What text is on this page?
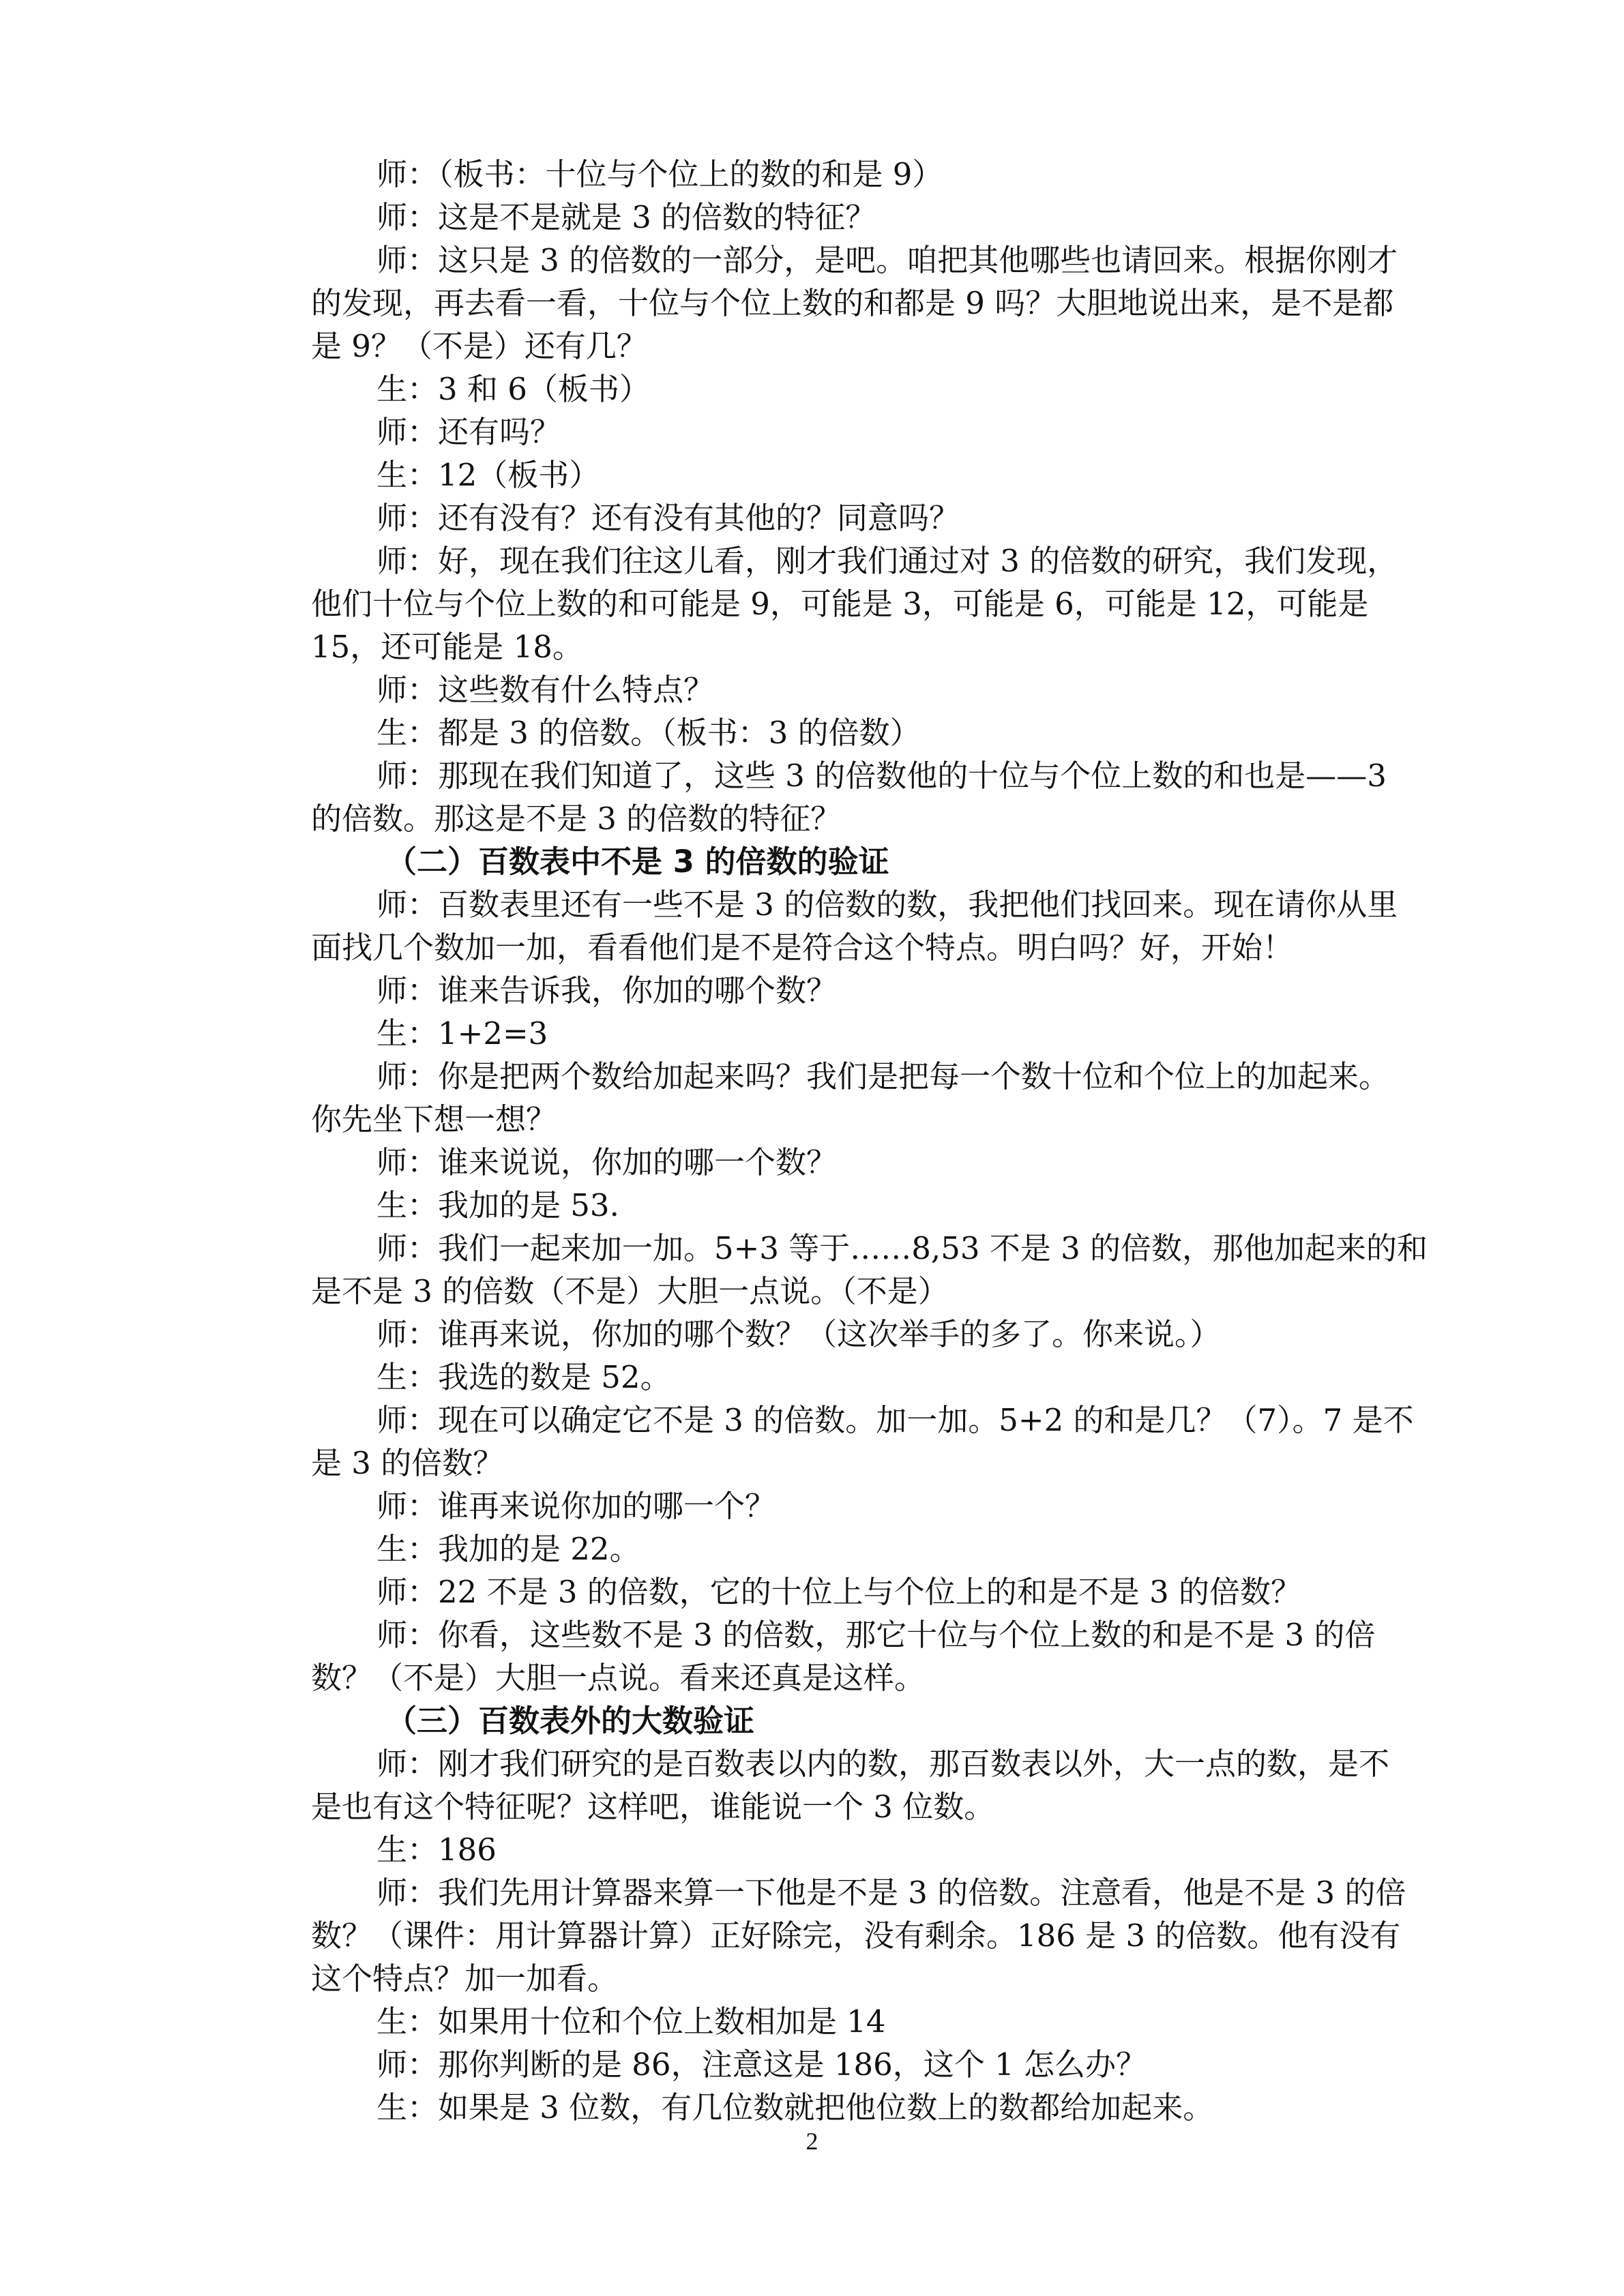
师：（板书：十位与个位上的数的和是 9）
师：这是不是就是 3 的倍数的特征？
师：这只是 3 的倍数的一部分，是吧。咱把其他哪些也请回来。根据你刚才
的发现，再去看一看，十位与个位上数的和都是 9 吗？大胆地说出来，是不是都
是 9？（不是）还有几？
生：3 和 6（板书）
师：还有吗？
生：12（板书）
师：还有没有？还有没有其他的？同意吗？
师：好，现在我们往这儿看，刚才我们通过对 3 的倍数的研究，我们发现，
他们十位与个位上数的和可能是 9，可能是 3，可能是 6，可能是 12，可能是
15，还可能是 18。
师：这些数有什么特点？
生：都是 3 的倍数。（板书：3 的倍数）
师：那现在我们知道了，这些 3 的倍数他的十位与个位上数的和也是——3
的倍数。那这是不是 3 的倍数的特征？
（二）百数表中不是 3 的倍数的验证
师：百数表里还有一些不是 3 的倍数的数，我把他们找回来。现在请你从里
面找几个数加一加，看看他们是不是符合这个特点。明白吗？好，开始！
师：谁来告诉我，你加的哪个数？
生：1+2=3
师：你是把两个数给加起来吗？我们是把每一个数十位和个位上的加起来。
你先坐下想一想？
师：谁来说说，你加的哪一个数？
生：我加的是 53.
师：我们一起来加一加。5+3 等于……8,53 不是 3 的倍数，那他加起来的和
是不是 3 的倍数（不是）大胆一点说。（不是）
师：谁再来说，你加的哪个数？（这次举手的多了。你来说。）
生：我选的数是 52。
师：现在可以确定它不是 3 的倍数。加一加。5+2 的和是几？（7）。7 是不
是 3 的倍数？
师：谁再来说你加的哪一个？
生：我加的是 22。
师：22 不是 3 的倍数，它的十位上与个位上的和是不是 3 的倍数？
师：你看，这些数不是 3 的倍数，那它十位与个位上数的和是不是 3 的倍
数？（不是）大胆一点说。看来还真是这样。
（三）百数表外的大数验证
师：刚才我们研究的是百数表以内的数，那百数表以外，大一点的数，是不
是也有这个特征呢？这样吧，谁能说一个 3 位数。
生：186
师：我们先用计算器来算一下他是不是 3 的倍数。注意看，他是不是 3 的倍
数？（课件：用计算器计算）正好除完，没有剩余。186 是 3 的倍数。他有没有
这个特点？加一加看。
生：如果用十位和个位上数相加是 14
师：那你判断的是 86，注意这是 186，这个 1 怎么办？
生：如果是 3 位数，有几位数就把他位数上的数都给加起来。
2
